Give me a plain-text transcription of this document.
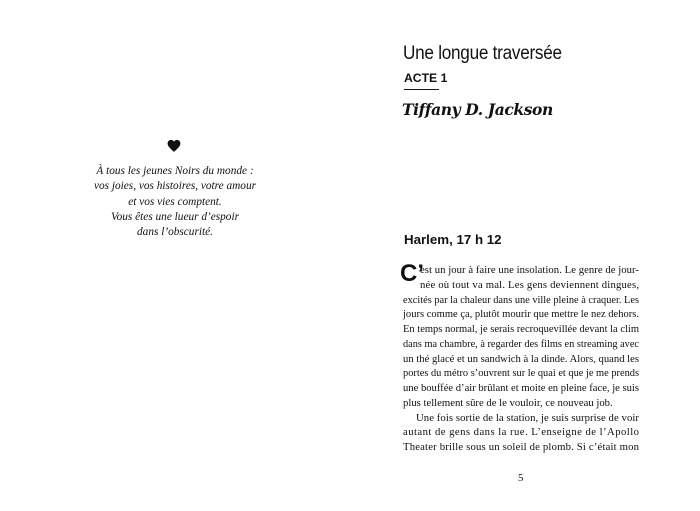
À tous les jeunes Noirs du monde :
vos joies, vos histoires, votre amour
et vos vies comptent.
Vous êtes une lueur d’espoir
dans l’obscurité.
Une longue traversée
ACTE 1
Tiffany D. Jackson
Harlem, 17 h 12
C’
est un jour à faire une insolation. Le genre de jour-
née où tout va mal. Les gens deviennent dingues,
excités par la chaleur dans une ville pleine à craquer. Les
jours comme ça, plutôt mourir que mettre le nez dehors.
En temps normal, je serais recroquevillée devant la clim
dans ma chambre, à regarder des films en streaming avec
un thé glacé et un sandwich à la dinde. Alors, quand les
portes du métro s’ouvrent sur le quai et que je me prends
une bouffée d’air brûlant et moite en pleine face, je suis
plus tellement sûre de le vouloir, ce nouveau job.
Une fois sortie de la station, je suis surprise de voir
autant de gens dans la rue. L’enseigne de l’Apollo
Theater brille sous un soleil de plomb. Si c’était mon
5
